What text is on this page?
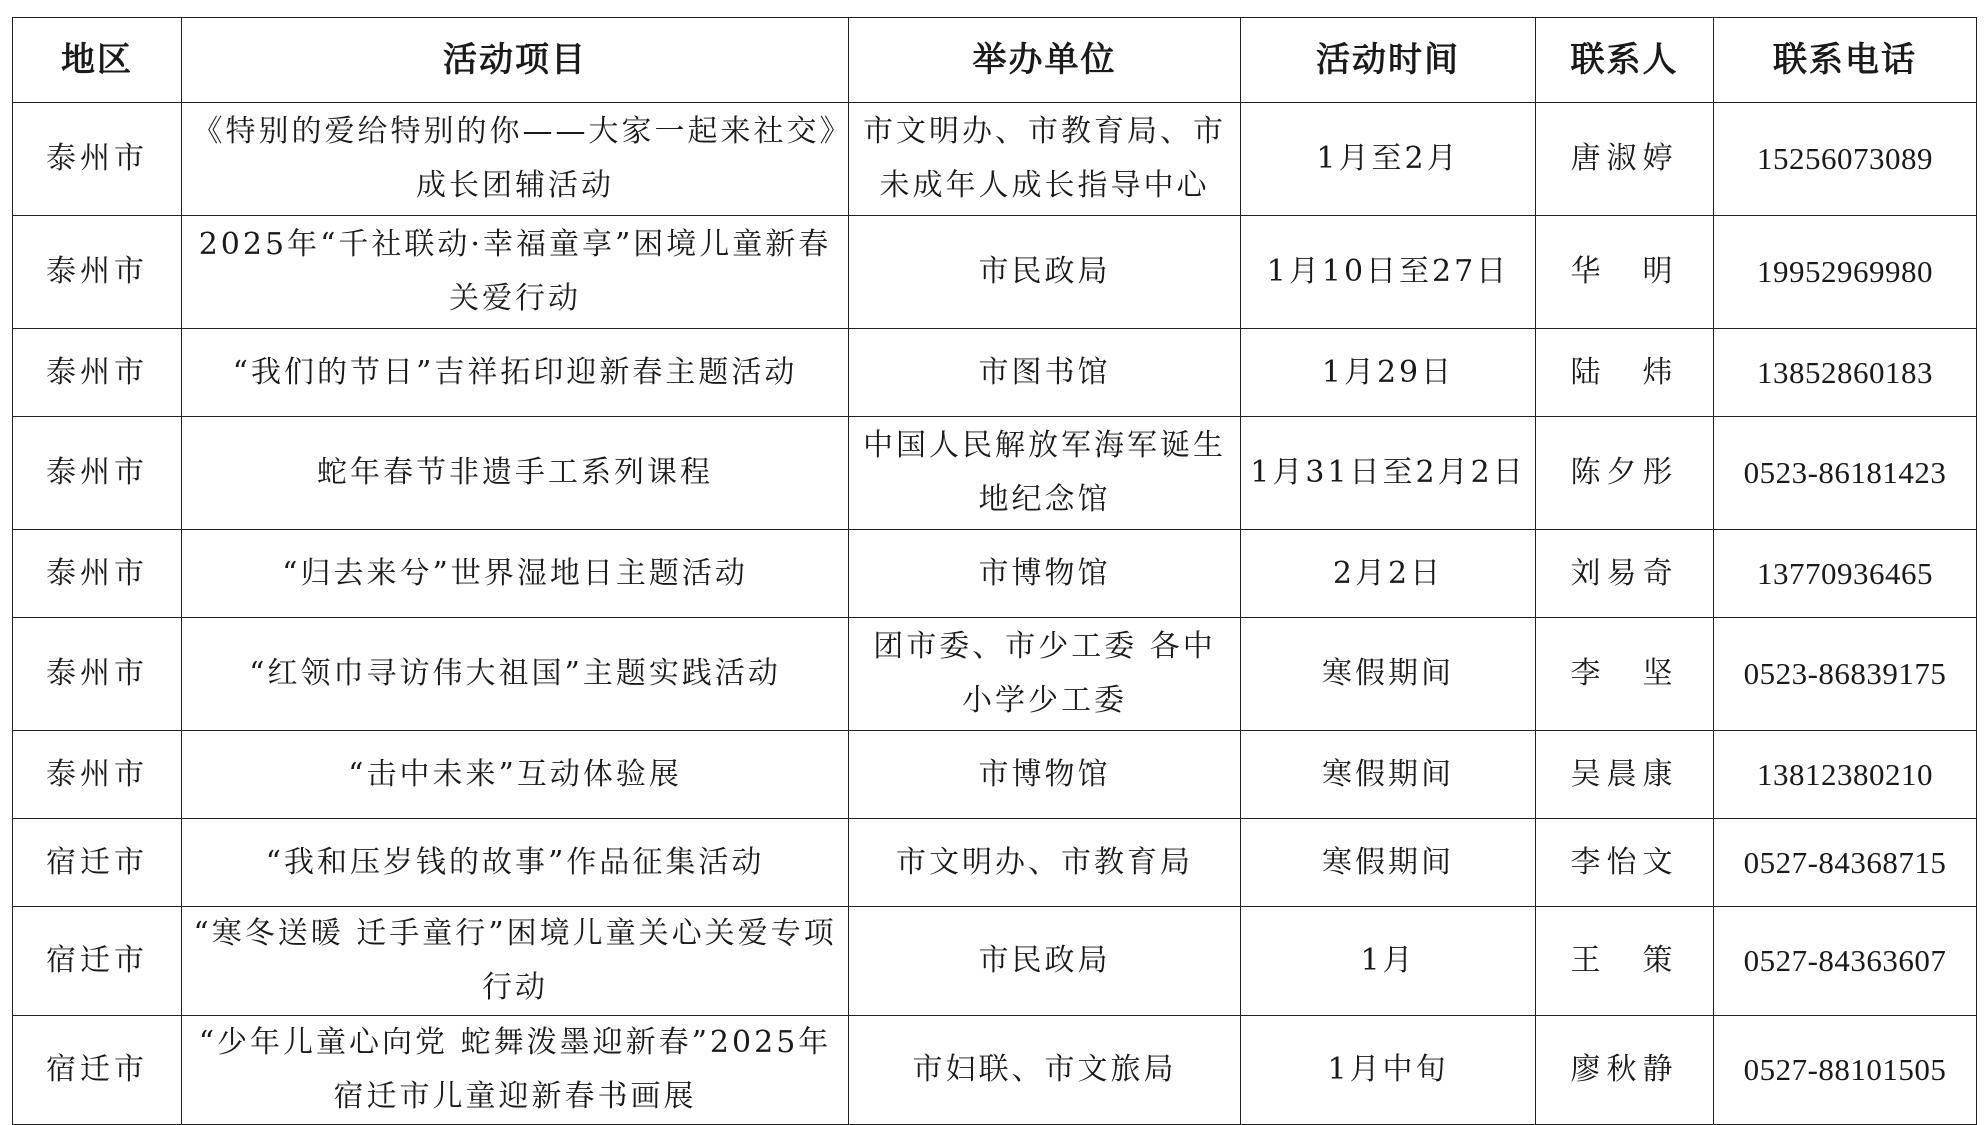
地区	活动项目	举办单位	活动时间	联系人	联系电话
泰州市	《特别的爱给特别的你——大家一起来社交》成长团辅活动	市文明办、市教育局、市未成年人成长指导中心	1月至2月	唐淑婷	15256073089
泰州市	2025年“千社联动·幸福童享”困境儿童新春关爱行动	市民政局	1月10日至27日	华　明	19952969980
泰州市	“我们的节日”吉祥拓印迎新春主题活动	市图书馆	1月29日	陆　炜	13852860183
泰州市	蛇年春节非遗手工系列课程	中国人民解放军海军诞生地纪念馆	1月31日至2月2日	陈夕彤	0523-86181423
泰州市	“归去来兮”世界湿地日主题活动	市博物馆	2月2日	刘易奇	13770936465
泰州市	“红领巾寻访伟大祖国”主题实践活动	团市委、市少工委 各中小学少工委	寒假期间	李　坚	0523-86839175
泰州市	“击中未来”互动体验展	市博物馆	寒假期间	吴晨康	13812380210
宿迁市	“我和压岁钱的故事”作品征集活动	市文明办、市教育局	寒假期间	李怡文	0527-84368715
宿迁市	“寒冬送暖 迁手童行”困境儿童关心关爱专项行动	市民政局	1月	王　策	0527-84363607
宿迁市	“少年儿童心向党 蛇舞泼墨迎新春”2025年宿迁市儿童迎新春书画展	市妇联、市文旅局	1月中旬	廖秋静	0527-88101505
